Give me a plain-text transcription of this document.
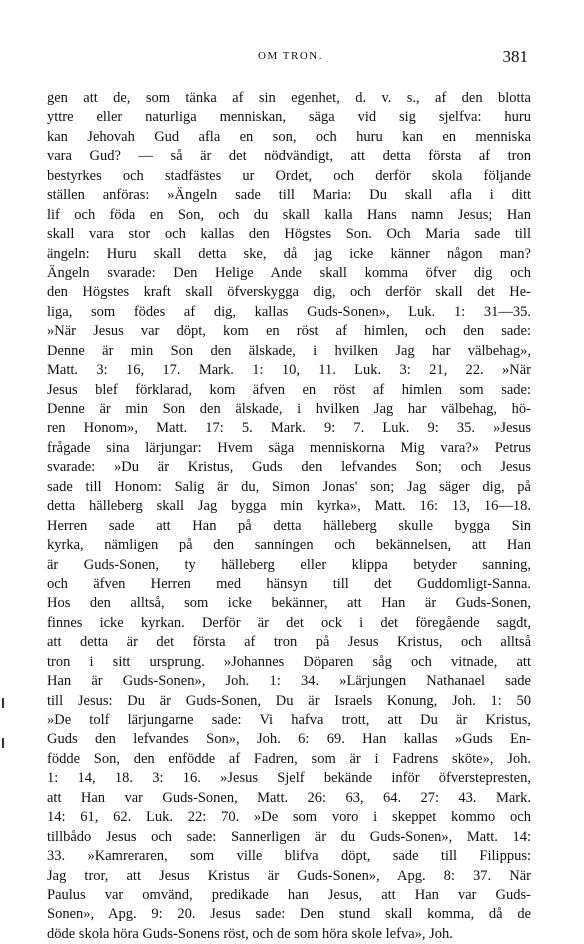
OM TRON.	381
gen att de, som tänka af sin egenhet, d. v. s., af den blotta
yttre eller naturliga menniskan, säga vid sig sjelfva: huru
kan Jehovah Gud afla en son, och huru kan en menniska
vara Gud? — så är det nödvändigt, att detta första af tron
bestyrkes och stadfästes ur Ordet, och derför skola följande
ställen anföras: »Ängeln sade till Maria: Du skall afla i ditt
lif och föda en Son, och du skall kalla Hans namn Jesus; Han
skall vara stor och kallas den Högstes Son. Och Maria sade till
ängeln: Huru skall detta ske, då jag icke känner någon man?
Ängeln svarade: Den Helige Ande skall komma öfver dig och
den Högstes kraft skall öfverskygga dig, och derför skall det He-
liga, som födes af dig, kallas Guds-Sonen», Luk. 1: 31—35.
»När Jesus var döpt, kom en röst af himlen, och den sade:
Denne är min Son den älskade, i hvilken Jag har välbehag»,
Matt. 3: 16, 17. Mark. 1: 10, 11. Luk. 3: 21, 22. »När
Jesus blef förklarad, kom äfven en röst af himlen som sade:
Denne är min Son den älskade, i hvilken Jag har välbehag, hö-
ren Honom», Matt. 17: 5. Mark. 9: 7. Luk. 9: 35. »Jesus
frågade sina lärjungar: Hvem säga menniskorna Mig vara?» Petrus
svarade: »Du är Kristus, Guds den lefvandes Son; och Jesus
sade till Honom: Salig är du, Simon Jonas' son; Jag säger dig, på
detta hälleberg skall Jag bygga min kyrka», Matt. 16: 13, 16—18.
Herren sade att Han på detta hälleberg skulle bygga Sin
kyrka, nämligen på den sanningen och bekännelsen, att Han
är Guds-Sonen, ty hälleberg eller klippa betyder sanning,
och äfven Herren med hänsyn till det Guddomligt-Sanna.
Hos den alltså, som icke bekänner, att Han är Guds-Sonen,
finnes icke kyrkan. Derför är det ock i det föregående sagdt,
att detta är det första af tron på Jesus Kristus, och alltså
tron i sitt ursprung. »Johannes Döparen såg och vitnade, att
Han är Guds-Sonen», Joh. 1: 34. »Lärjungen Nathanael sade
till Jesus: Du är Guds-Sonen, Du är Israels Konung, Joh. 1: 50
»De tolf lärjungarne sade: Vi hafva trott, att Du är Kristus,
Guds den lefvandes Son», Joh. 6: 69. Han kallas »Guds En-
födde Son, den enfödde af Fadren, som är i Fadrens sköte», Joh.
1: 14, 18. 3: 16. »Jesus Sjelf bekände inför öfverstepresten,
att Han var Guds-Sonen, Matt. 26: 63, 64. 27: 43. Mark.
14: 61, 62. Luk. 22: 70. »De som voro i skeppet kommo och
tillbådo Jesus och sade: Sannerligen är du Guds-Sonen», Matt. 14:
33. »Kamreraren, som ville blifva döpt, sade till Filippus:
Jag tror, att Jesus Kristus är Guds-Sonen», Apg. 8: 37. När
Paulus var omvänd, predikade han Jesus, att Han var Guds-
Sonen», Apg. 9: 20. Jesus sade: Den stund skall komma, då de
döde skola höra Guds-Sonens röst, och de som höra skole lefva», Joh.
